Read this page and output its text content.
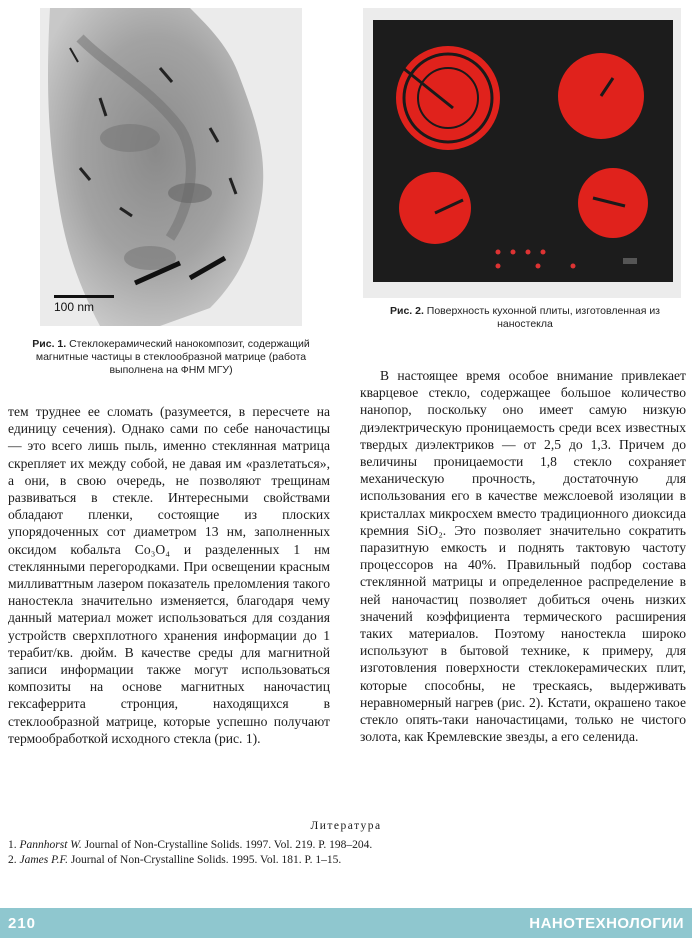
100 nm
Рис. 1. Стеклокерамический нанокомпозит, содержащий магнитные частицы в стеклообразной матрице (работа выполнена на ФНМ МГУ)
Рис. 2. Поверхность кухонной плиты, изготовленная из наностекла

тем труднее ее сломать (разумеется, в пересчете на единицу сечения). Однако сами по себе наночастицы — это всего лишь пыль, именно стеклянная матрица скрепляет их между собой, не давая им «разлетаться», а они, в свою очередь, не позволяют трещинам развиваться в стекле. Интересными свойствами обладают пленки, состоящие из плоских упорядоченных сот диаметром 13 нм, заполненных оксидом кобальта Co₃O₄ и разделенных 1 нм стеклянными перегородками. При освещении красным милливаттным лазером показатель преломления такого наностекла значительно изменяется, благодаря чему данный материал может использоваться для создания устройств сверхплотного хранения информации до 1 терабит/кв. дюйм. В качестве среды для магнитной записи информации также могут использоваться композиты на основе магнитных наночастиц гексаферрита стронция, находящихся в стеклообразной матрице, которые успешно получают термообработкой исходного стекла (рис. 1).

В настоящее время особое внимание привлекает кварцевое стекло, содержащее большое количество нанопор, поскольку оно имеет самую низкую диэлектрическую проницаемость среди всех известных твердых диэлектриков — от 2,5 до 1,3. Причем до величины проницаемости 1,8 стекло сохраняет механическую прочность, достаточную для использования его в качестве межслоевой изоляции в кристаллах микросхем вместо традиционного диоксида кремния SiO₂. Это позволяет значительно сократить паразитную емкость и поднять тактовую частоту процессоров на 40%. Правильный подбор состава стеклянной матрицы и определенное распределение в ней наночастиц позволяет добиться очень низких значений коэффициента термического расширения таких материалов. Поэтому наностекла широко используют в бытовой технике, к примеру, для изготовления поверхности стеклокерамических плит, которые способны, не трескаясь, выдерживать неравномерный нагрев (рис. 2). Кстати, окрашено такое стекло опять-таки наночастицами, только не чистого золота, как Кремлевские звезды, а его селенида.

Литература
1. Pannhorst W. Journal of Non-Crystalline Solids. 1997. Vol. 219. P. 198–204.
2. James P.F. Journal of Non-Crystalline Solids. 1995. Vol. 181. P. 1–15.
210	НАНОТЕХНОЛОГИИ
